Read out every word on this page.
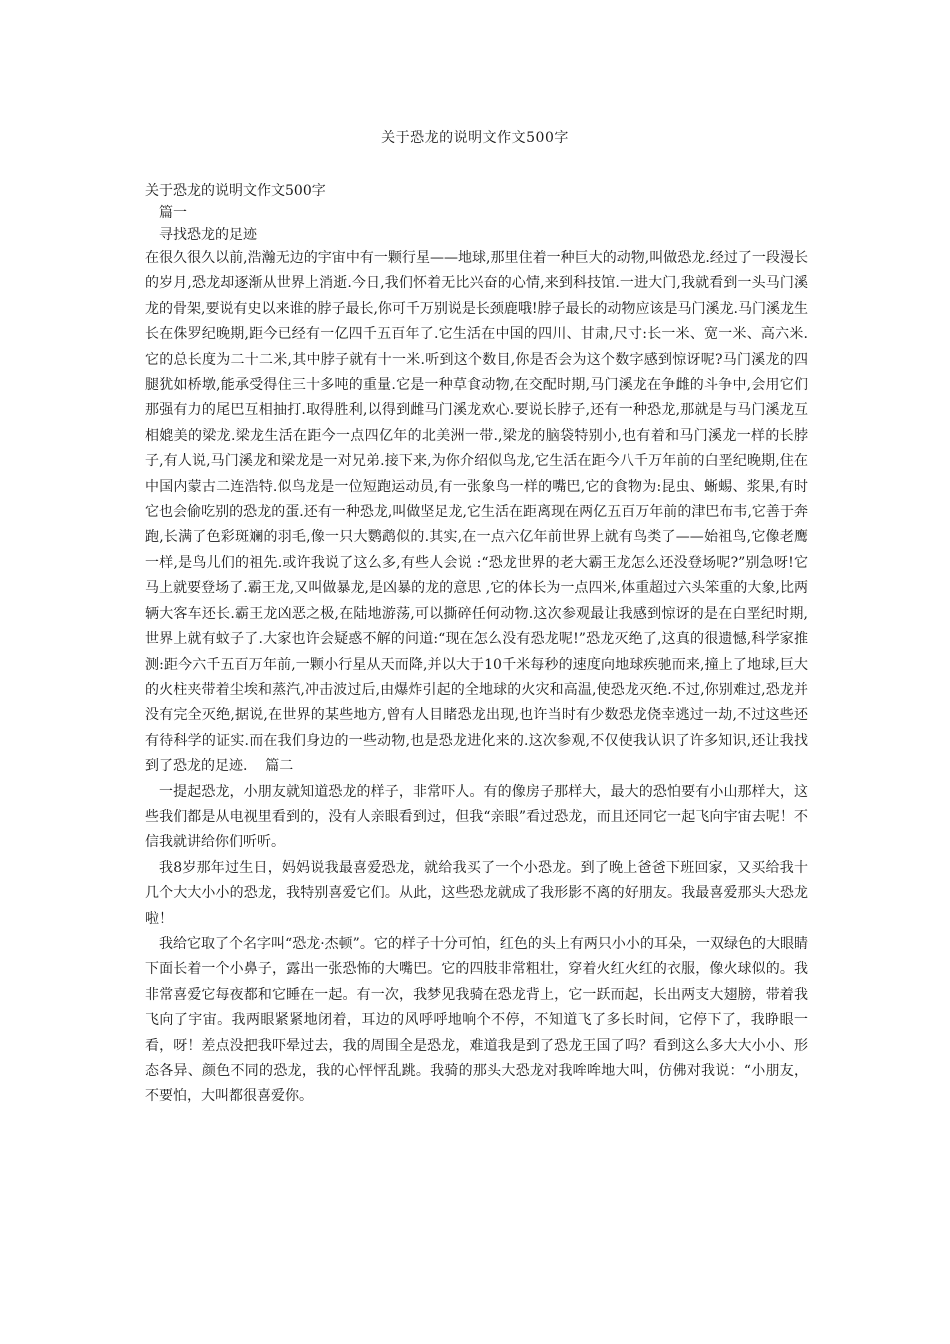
关于恐龙的说明文作文500字

关于恐龙的说明文作文500字

篇一

寻找恐龙的足迹

在很久很久以前,浩瀚无边的宇宙中有一颗行星——地球,那里住着一种巨大的动物,叫做恐龙.经过了一段漫长的岁月,恐龙却逐渐从世界上消逝.今日,我们怀着无比兴奋的心情,来到科技馆.一进大门,我就看到一头马门溪龙的骨架,要说有史以来谁的脖子最长,你可千万别说是长颈鹿哦!脖子最长的动物应该是马门溪龙.马门溪龙生长在侏罗纪晚期,距今已经有一亿四千五百年了.它生活在中国的四川、甘肃,尺寸:长一米、宽一米、高六米.它的总长度为二十二米,其中脖子就有十一米.听到这个数目,你是否会为这个数字感到惊讶呢?马门溪龙的四腿犹如桥墩,能承受得住三十多吨的重量.它是一种草食动物,在交配时期,马门溪龙在争雌的斗争中,会用它们那强有力的尾巴互相抽打.取得胜利,以得到雌马门溪龙欢心.要说长脖子,还有一种恐龙,那就是与马门溪龙互相媲美的梁龙.梁龙生活在距今一点四亿年的北美洲一带.,梁龙的脑袋特别小,也有着和马门溪龙一样的长脖子,有人说,马门溪龙和梁龙是一对兄弟.接下来,为你介绍似鸟龙,它生活在距今八千万年前的白垩纪晚期,住在中国内蒙古二连浩特.似鸟龙是一位短跑运动员,有一张象鸟一样的嘴巴,它的食物为:昆虫、蜥蜴、浆果,有时它也会偷吃别的恐龙的蛋.还有一种恐龙,叫做坚足龙,它生活在距离现在两亿五百万年前的津巴布韦,它善于奔跑,长满了色彩斑斓的羽毛,像一只大鹦鹉似的.其实,在一点六亿年前世界上就有鸟类了——始祖鸟,它像老鹰一样,是鸟儿们的祖先.或许我说了这么多,有些人会说 :“恐龙世界的老大霸王龙怎么还没登场呢?”别急呀!它马上就要登场了.霸王龙,又叫做暴龙,是凶暴的龙的意思 ,它的体长为一点四米,体重超过六头笨重的大象,比两辆大客车还长.霸王龙凶恶之极,在陆地游荡,可以撕碎任何动物.这次参观最让我感到惊讶的是在白垩纪时期,世界上就有蚊子了.大家也许会疑惑不解的问道:“现在怎么没有恐龙呢!”恐龙灭绝了,这真的很遗憾,科学家推测:距今六千五百万年前,一颗小行星从天而降,并以大于10千米每秒的速度向地球疾驰而来,撞上了地球,巨大的火柱夹带着尘埃和蒸汽,冲击波过后,由爆炸引起的全地球的火灾和高温,使恐龙灭绝.不过,你别难过,恐龙并没有完全灭绝,据说,在世界的某些地方,曾有人目睹恐龙出现,也许当时有少数恐龙侥幸逃过一劫,不过这些还有待科学的证实.而在我们身边的一些动物,也是恐龙进化来的.这次参观,不仅使我认识了许多知识,还让我找到了恐龙的足迹. 篇二

一提起恐龙，小朋友就知道恐龙的样子，非常吓人。有的像房子那样大，最大的恐怕要有小山那样大，这些我们都是从电视里看到的，没有人亲眼看到过，但我“亲眼”看过恐龙，而且还同它一起飞向宇宙去呢！不信我就讲给你们听听。

我8岁那年过生日，妈妈说我最喜爱恐龙，就给我买了一个小恐龙。到了晚上爸爸下班回家，又买给我十几个大大小小的恐龙，我特别喜爱它们。从此，这些恐龙就成了我形影不离的好朋友。我最喜爱那头大恐龙啦！

我给它取了个名字叫“恐龙·杰顿”。它的样子十分可怕，红色的头上有两只小小的耳朵，一双绿色的大眼睛下面长着一个小鼻子，露出一张恐怖的大嘴巴。它的四肢非常粗壮，穿着火红火红的衣服，像火球似的。我非常喜爱它每夜都和它睡在一起。有一次，我梦见我骑在恐龙背上，它一跃而起，长出两支大翅膀，带着我飞向了宇宙。我两眼紧紧地闭着，耳边的风呼呼地响个不停，不知道飞了多长时间，它停下了，我睁眼一看，呀！差点没把我吓晕过去，我的周围全是恐龙，难道我是到了恐龙王国了吗？看到这么多大大小小、形态各异、颜色不同的恐龙，我的心怦怦乱跳。我骑的那头大恐龙对我哞哞地大叫，仿佛对我说：“小朋友，不要怕，大叫都很喜爱你。
